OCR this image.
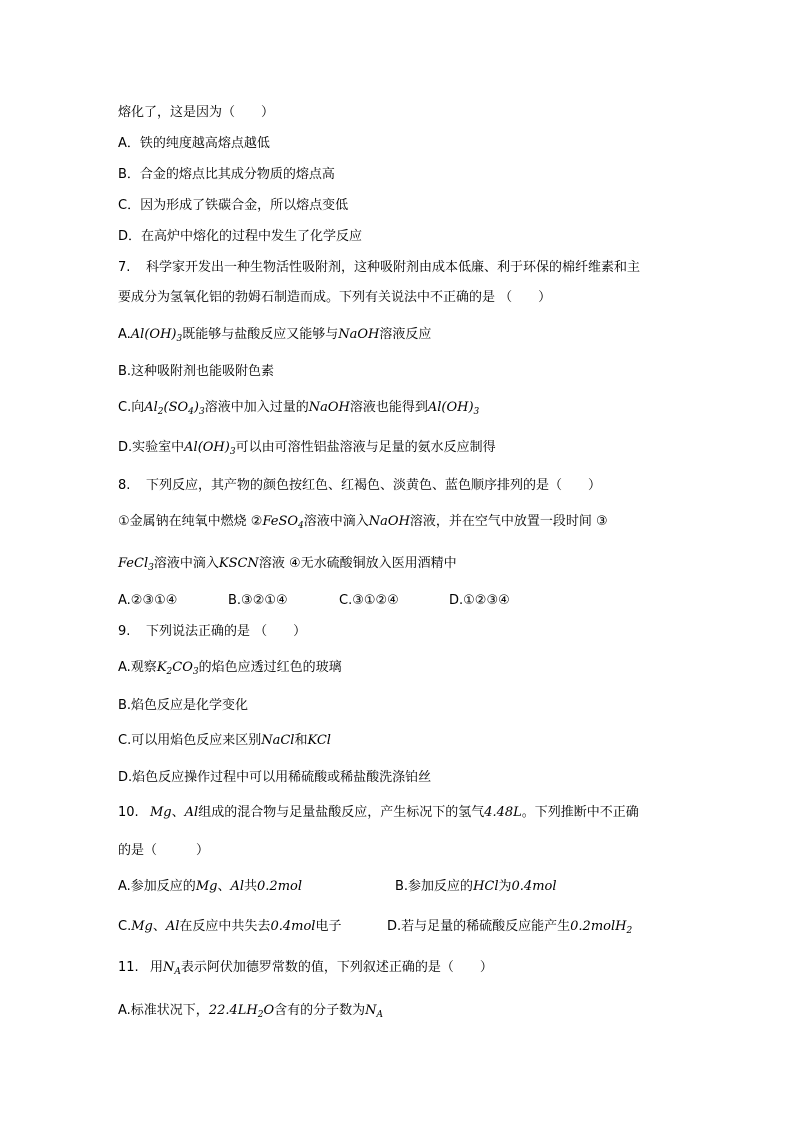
熔化了，这是因为（　　）
A．铁的纯度越高熔点越低
B．合金的熔点比其成分物质的熔点高
C．因为形成了铁碳合金，所以熔点变低
D．在高炉中熔化的过程中发生了化学反应
7. 科学家开发出一种生物活性吸附剂，这种吸附剂由成本低廉、利于环保的棉纤维素和主
要成分为氢氧化铝的勃姆石制造而成。下列有关说法中不正确的是 （　　）
$A.Al(OH)_3$既能够与盐酸反应又能够与NaOH溶液反应
B.这种吸附剂也能吸附色素
C.向$Al_2(SO_4)_3$溶液中加入过量的NaOH溶液也能得到$Al(OH)_3$
D.实验室中$Al(OH)_3$可以由可溶性铝盐溶液与足量的氨水反应制得
8. 下列反应，其产物的颜色按红色、红褐色、淡黄色、蓝色顺序排列的是（　　）
①金属钠在纯氧中燃烧 ②FeSO$_4$溶液中滴入NaOH溶液，并在空气中放置一段时间 ③
FeCl$_3$溶液中滴入KSCN溶液 ④无水硫酸铜放入医用酒精中
A.②③①④	B.③②①④	C.③①②④	D.①②③④
9. 下列说法正确的是 （　　）
A.观察$K_2CO_3$的焰色应透过红色的玻璃
B.焰色反应是化学变化
C.可以用焰色反应来区别NaCl和KCl
D.焰色反应操作过程中可以用稀硫酸或稀盐酸洗涤铂丝
10. Mg、Al组成的混合物与足量盐酸反应，产生标况下的氢气4.48L。下列推断中不正确
的是（　　　）
A.参加反应的Mg、Al共0.2mol	B.参加反应的HCl为0.4mol
C.Mg、Al在反应中共失去0.4mol电子	D.若与足量的稀硫酸反应能产生0.2molH$_2$
11. 用$N_A$表示阿伏加德罗常数的值，下列叙述正确的是（　　）
A.标准状况下，$22.4LH_2O$含有的分子数为$N_A$
